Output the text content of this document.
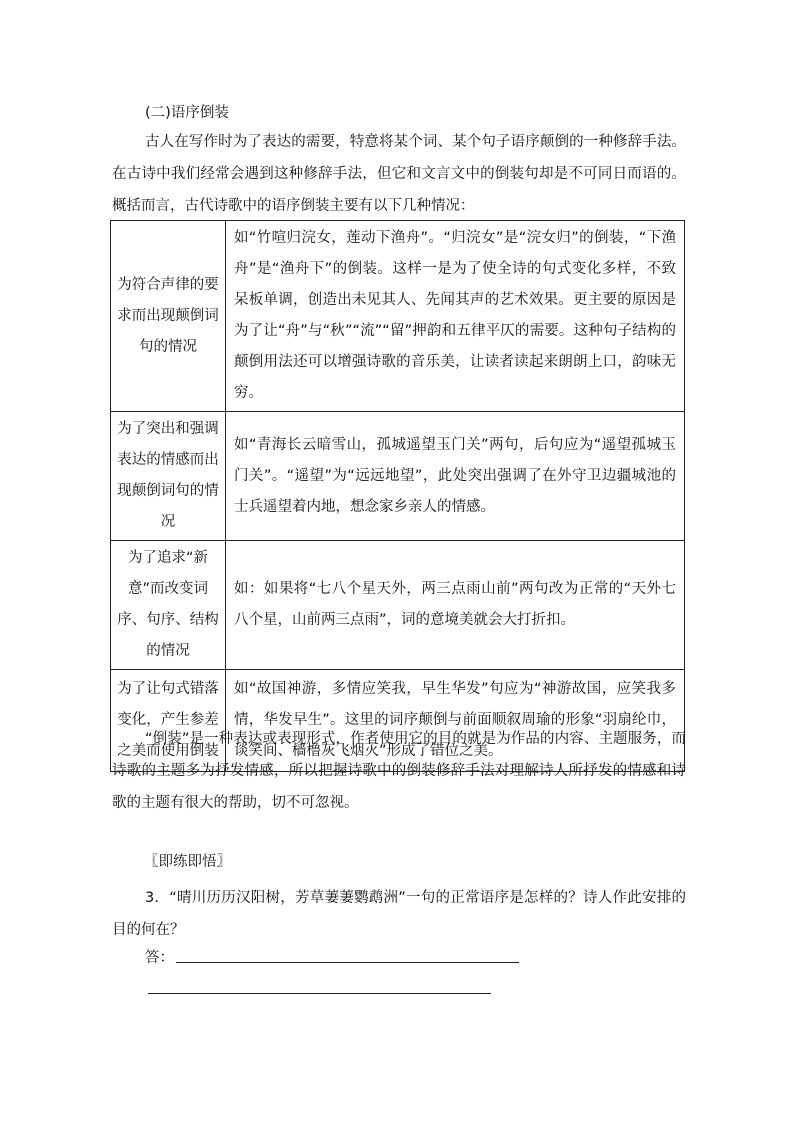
(二)语序倒装

古人在写作时为了表达的需要，特意将某个词、某个句子语序颠倒的一种修辞手法。在古诗中我们经常会遇到这种修辞手法，但它和文言文中的倒装句却是不可同日而语的。概括而言，古代诗歌中的语序倒装主要有以下几种情况：

为符合声律的要求而出现颠倒词句的情况	如“竹喧归浣女，莲动下渔舟”。“归浣女”是“浣女归”的倒装，“下渔舟”是“渔舟下”的倒装。这样一是为了使全诗的句式变化多样，不致呆板单调，创造出未见其人、先闻其声的艺术效果。更主要的原因是为了让“舟”与“秋”“流”“留”押韵和五律平仄的需要。这种句子结构的颠倒用法还可以增强诗歌的音乐美，让读者读起来朗朗上口，韵味无穷。
为了突出和强调表达的情感而出现颠倒词句的情况	如“青海长云暗雪山，孤城遥望玉门关”两句，后句应为“遥望孤城玉门关”。“遥望”为“远远地望”，此处突出强调了在外守卫边疆城池的士兵遥望着内地，想念家乡亲人的情感。
为了追求“新意”而改变词序、句序、结构的情况	如：如果将“七八个星天外，两三点雨山前”两句改为正常的“天外七八个星，山前两三点雨”，词的意境美就会大打折扣。
为了让句式错落变化，产生参差之美而使用倒装	如“故国神游，多情应笑我，早生华发”句应为“神游故国，应笑我多情，华发早生”。这里的词序颠倒与前面顺叙周瑜的形象“羽扇纶巾，谈笑间、樯橹灰飞烟灭”形成了错位之美。

“倒装”是一种表达或表现形式，作者使用它的目的就是为作品的内容、主题服务，而诗歌的主题多为抒发情感，所以把握诗歌中的倒装修辞手法对理解诗人所抒发的情感和诗歌的主题有很大的帮助，切不可忽视。

〖即练即悟〗

3．“晴川历历汉阳树，芳草萋萋鹦鹉洲”一句的正常语序是怎样的？诗人作此安排的目的何在？

答：
